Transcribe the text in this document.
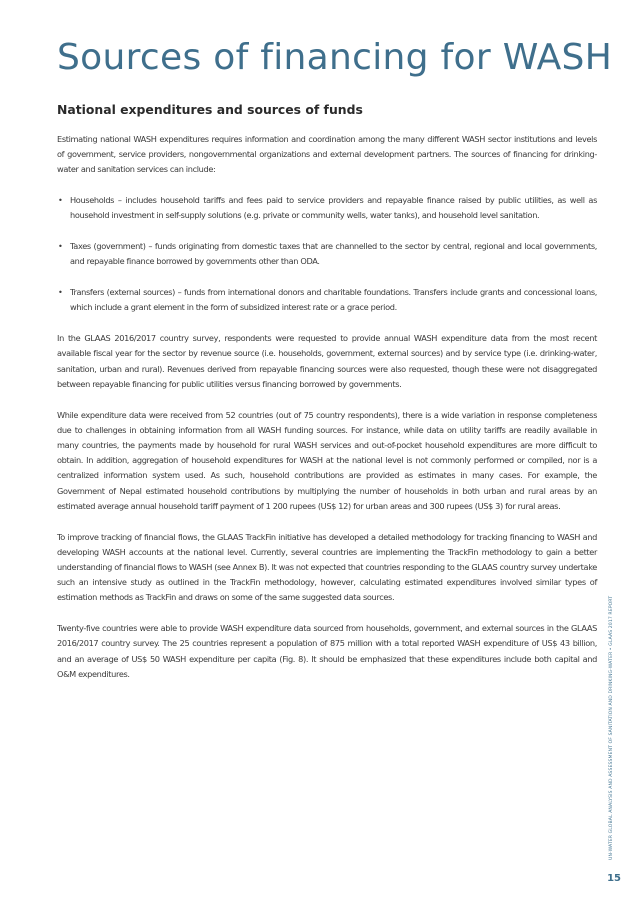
Sources of financing for WASH
National expenditures and sources of funds

Estimating national WASH expenditures requires information and coordination among the many different WASH sector institutions and levels of government, service providers, nongovernmental organizations and external development partners. The sources of financing for drinking-water and sanitation services can include:

• Households – includes household tariffs and fees paid to service providers and repayable finance raised by public utilities, as well as household investment in self-supply solutions (e.g. private or community wells, water tanks), and household level sanitation.
• Taxes (government) – funds originating from domestic taxes that are channelled to the sector by central, regional and local governments, and repayable finance borrowed by governments other than ODA.
• Transfers (external sources) – funds from international donors and charitable foundations. Transfers include grants and concessional loans, which include a grant element in the form of subsidized interest rate or a grace period.

In the GLAAS 2016/2017 country survey, respondents were requested to provide annual WASH expenditure data from the most recent available fiscal year for the sector by revenue source (i.e. households, government, external sources) and by service type (i.e. drinking-water, sanitation, urban and rural). Revenues derived from repayable financing sources were also requested, though these were not disaggregated between repayable financing for public utilities versus financing borrowed by governments.

While expenditure data were received from 52 countries (out of 75 country respondents), there is a wide variation in response completeness due to challenges in obtaining information from all WASH funding sources. For instance, while data on utility tariffs are readily available in many countries, the payments made by household for rural WASH services and out-of-pocket household expenditures are more difficult to obtain. In addition, aggregation of household expenditures for WASH at the national level is not commonly performed or compiled, nor is a centralized information system used. As such, household contributions are provided as estimates in many cases. For example, the Government of Nepal estimated household contributions by multiplying the number of households in both urban and rural areas by an estimated average annual household tariff payment of 1 200 rupees (US$ 12) for urban areas and 300 rupees (US$ 3) for rural areas.

To improve tracking of financial flows, the GLAAS TrackFin initiative has developed a detailed methodology for tracking financing to WASH and developing WASH accounts at the national level. Currently, several countries are implementing the TrackFin methodology to gain a better understanding of financial flows to WASH (see Annex B). It was not expected that countries responding to the GLAAS country survey undertake such an intensive study as outlined in the TrackFin methodology, however, calculating estimated expenditures involved similar types of estimation methods as TrackFin and draws on some of the same suggested data sources.

Twenty-five countries were able to provide WASH expenditure data sourced from households, government, and external sources in the GLAAS 2016/2017 country survey. The 25 countries represent a population of 875 million with a total reported WASH expenditure of US$ 43 billion, and an average of US$ 50 WASH expenditure per capita (Fig. 8). It should be emphasized that these expenditures include both capital and O&M expenditures.	UN-WATER GLOBAL ANALYSIS AND ASSESSMENT OF SANITATION AND DRINKING-WATER • GLAAS 2017 REPORT
15
